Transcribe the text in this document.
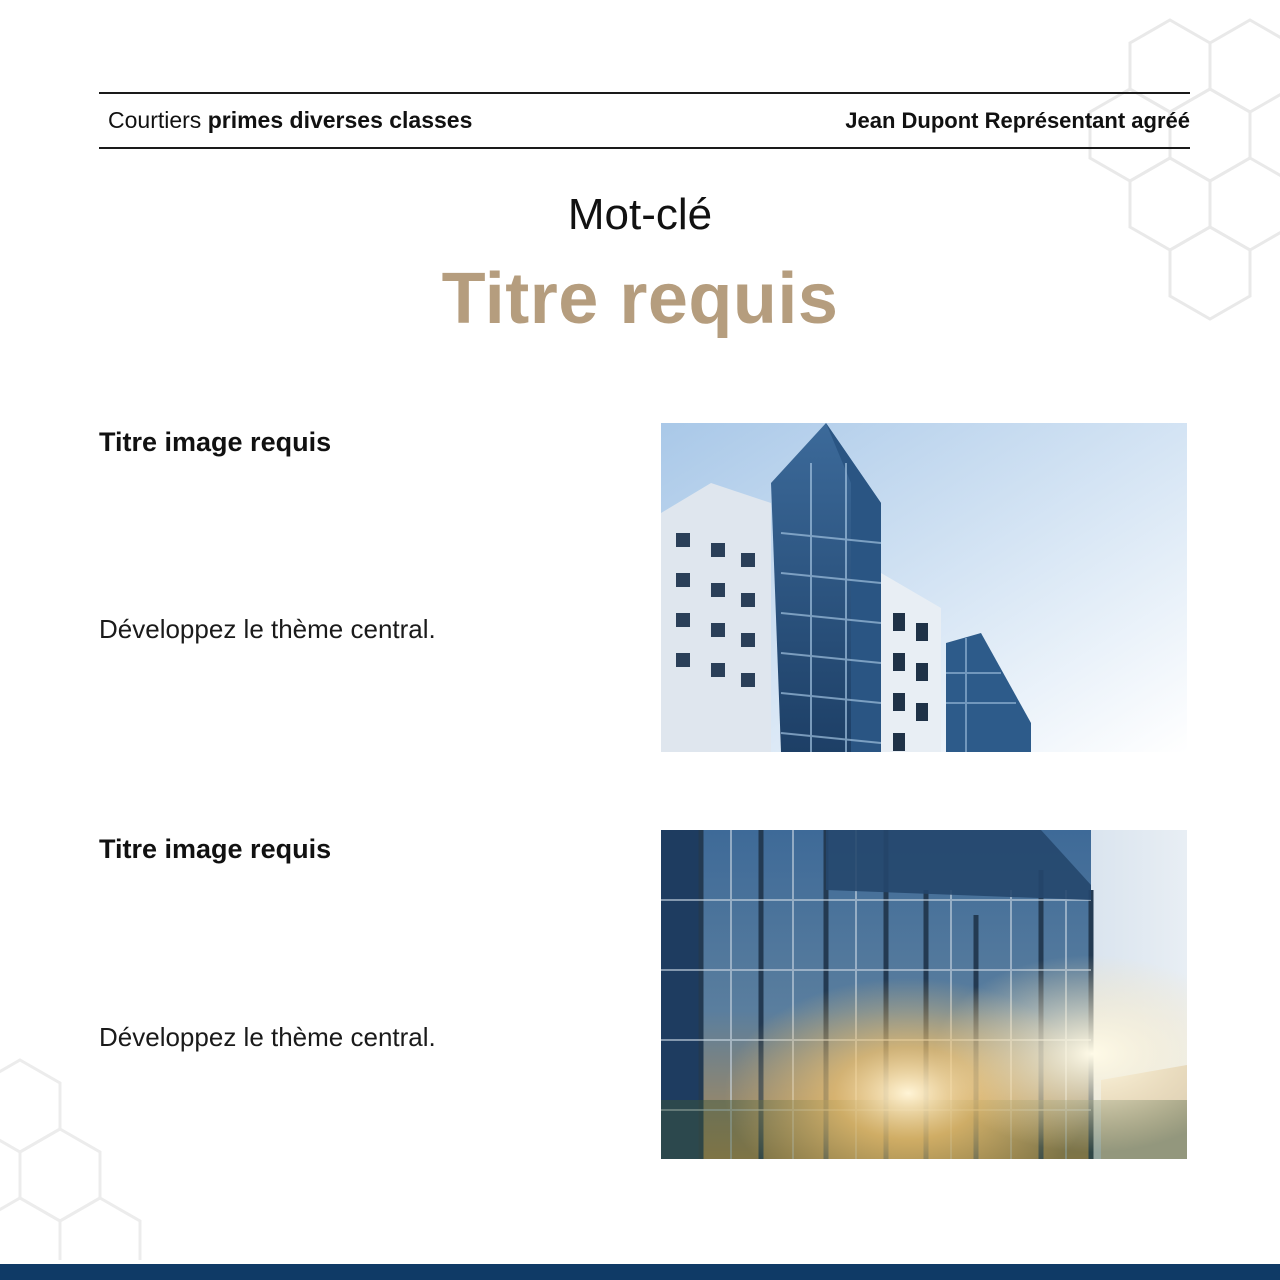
Courtiers primes diverses classes	Jean Dupont Représentant agréé
Mot-clé
Titre requis
Titre image requis
Développez le thème central.
Titre image requis
Développez le thème central.
